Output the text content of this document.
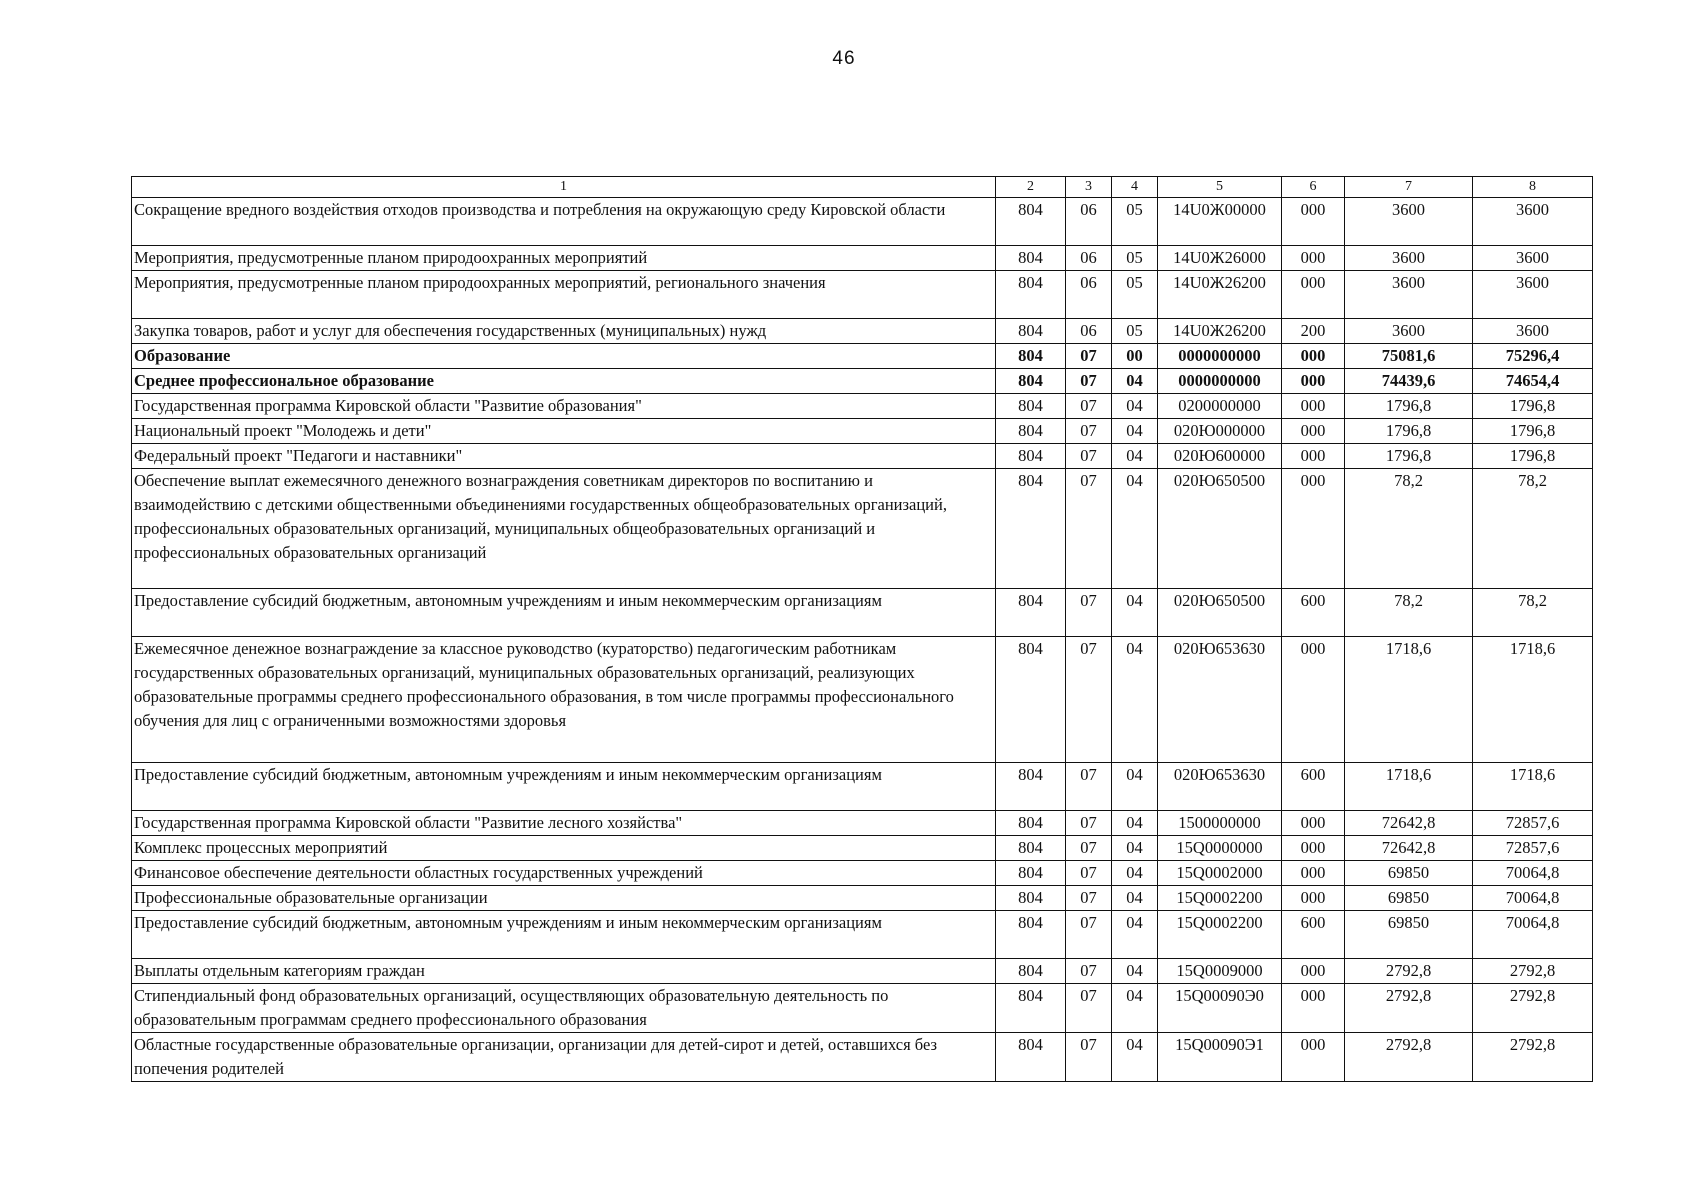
46
1	2	3	4	5	6	7	8
Сокращение вредного воздействия отходов производства и потребления на окружающую среду Кировской области	804	06	05	14U0Ж00000	000	3600	3600
Мероприятия, предусмотренные планом природоохранных мероприятий	804	06	05	14U0Ж26000	000	3600	3600
Мероприятия, предусмотренные планом природоохранных мероприятий, регионального значения	804	06	05	14U0Ж26200	000	3600	3600
Закупка товаров, работ и услуг для обеспечения государственных (муниципальных) нужд	804	06	05	14U0Ж26200	200	3600	3600
Образование	804	07	00	0000000000	000	75081,6	75296,4
Среднее профессиональное образование	804	07	04	0000000000	000	74439,6	74654,4
Государственная программа Кировской области "Развитие образования"	804	07	04	0200000000	000	1796,8	1796,8
Национальный проект "Молодежь и дети"	804	07	04	020Ю000000	000	1796,8	1796,8
Федеральный проект "Педагоги и наставники"	804	07	04	020Ю600000	000	1796,8	1796,8
Обеспечение выплат ежемесячного денежного вознаграждения советникам директоров по воспитанию и взаимодействию с детскими общественными объединениями государственных общеобразовательных организаций, профессиональных образовательных организаций, муниципальных общеобразовательных организаций и профессиональных образовательных организаций	804	07	04	020Ю650500	000	78,2	78,2
Предоставление субсидий бюджетным, автономным учреждениям и иным некоммерческим организациям	804	07	04	020Ю650500	600	78,2	78,2
Ежемесячное денежное вознаграждение за классное руководство (кураторство) педагогическим работникам государственных образовательных организаций, муниципальных образовательных организаций, реализующих образовательные программы среднего профессионального образования, в том числе программы профессионального обучения для лиц с ограниченными возможностями здоровья	804	07	04	020Ю653630	000	1718,6	1718,6
Предоставление субсидий бюджетным, автономным учреждениям и иным некоммерческим организациям	804	07	04	020Ю653630	600	1718,6	1718,6
Государственная программа Кировской области "Развитие лесного хозяйства"	804	07	04	1500000000	000	72642,8	72857,6
Комплекс процессных мероприятий	804	07	04	15Q0000000	000	72642,8	72857,6
Финансовое обеспечение деятельности областных государственных учреждений	804	07	04	15Q0002000	000	69850	70064,8
Профессиональные образовательные организации	804	07	04	15Q0002200	000	69850	70064,8
Предоставление субсидий бюджетным, автономным учреждениям и иным некоммерческим организациям	804	07	04	15Q0002200	600	69850	70064,8
Выплаты отдельным категориям граждан	804	07	04	15Q0009000	000	2792,8	2792,8
Стипендиальный фонд образовательных организаций, осуществляющих образовательную деятельность по образовательным программам среднего профессионального образования	804	07	04	15Q00090Э0	000	2792,8	2792,8
Областные государственные образовательные организации, организации для детей-сирот и детей, оставшихся без попечения родителей	804	07	04	15Q00090Э1	000	2792,8	2792,8
